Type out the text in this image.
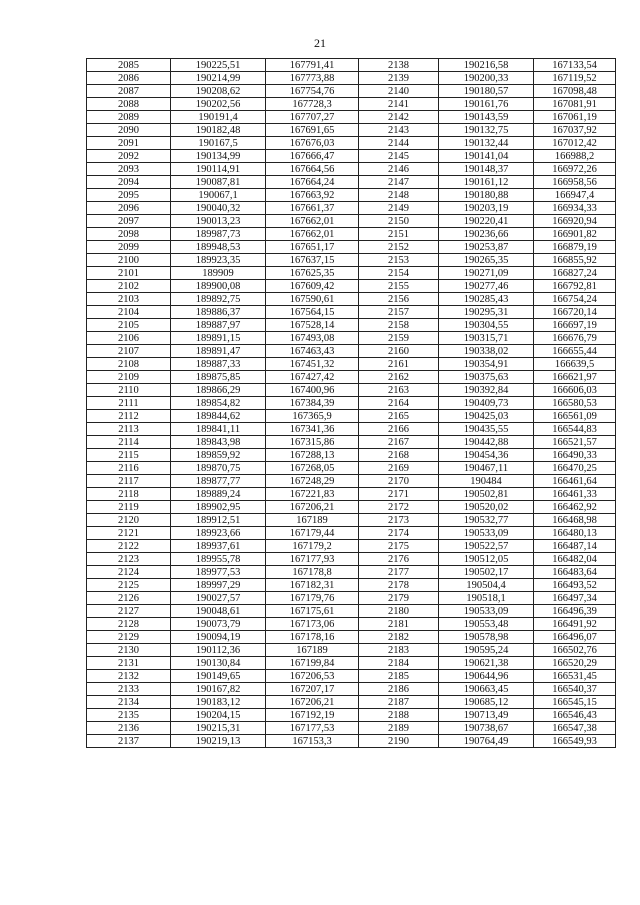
21
2085	190225,51	167791,41	2138	190216,58	167133,54
2086	190214,99	167773,88	2139	190200,33	167119,52
2087	190208,62	167754,76	2140	190180,57	167098,48
2088	190202,56	167728,3	2141	190161,76	167081,91
2089	190191,4	167707,27	2142	190143,59	167061,19
2090	190182,48	167691,65	2143	190132,75	167037,92
2091	190167,5	167676,03	2144	190132,44	167012,42
2092	190134,99	167666,47	2145	190141,04	166988,2
2093	190114,91	167664,56	2146	190148,37	166972,26
2094	190087,81	167664,24	2147	190161,12	166958,56
2095	190067,1	167663,92	2148	190180,88	166947,4
2096	190040,32	167661,37	2149	190203,19	166934,33
2097	190013,23	167662,01	2150	190220,41	166920,94
2098	189987,73	167662,01	2151	190236,66	166901,82
2099	189948,53	167651,17	2152	190253,87	166879,19
2100	189923,35	167637,15	2153	190265,35	166855,92
2101	189909	167625,35	2154	190271,09	166827,24
2102	189900,08	167609,42	2155	190277,46	166792,81
2103	189892,75	167590,61	2156	190285,43	166754,24
2104	189886,37	167564,15	2157	190295,31	166720,14
2105	189887,97	167528,14	2158	190304,55	166697,19
2106	189891,15	167493,08	2159	190315,71	166676,79
2107	189891,47	167463,43	2160	190338,02	166655,44
2108	189887,33	167451,32	2161	190354,91	166639,5
2109	189875,85	167427,42	2162	190375,63	166621,97
2110	189866,29	167400,96	2163	190392,84	166606,03
2111	189854,82	167384,39	2164	190409,73	166580,53
2112	189844,62	167365,9	2165	190425,03	166561,09
2113	189841,11	167341,36	2166	190435,55	166544,83
2114	189843,98	167315,86	2167	190442,88	166521,57
2115	189859,92	167288,13	2168	190454,36	166490,33
2116	189870,75	167268,05	2169	190467,11	166470,25
2117	189877,77	167248,29	2170	190484	166461,64
2118	189889,24	167221,83	2171	190502,81	166461,33
2119	189902,95	167206,21	2172	190520,02	166462,92
2120	189912,51	167189	2173	190532,77	166468,98
2121	189923,66	167179,44	2174	190533,09	166480,13
2122	189937,61	167179,2	2175	190522,57	166487,14
2123	189955,78	167177,93	2176	190512,05	166482,04
2124	189977,53	167178,8	2177	190502,17	166483,64
2125	189997,29	167182,31	2178	190504,4	166493,52
2126	190027,57	167179,76	2179	190518,1	166497,34
2127	190048,61	167175,61	2180	190533,09	166496,39
2128	190073,79	167173,06	2181	190553,48	166491,92
2129	190094,19	167178,16	2182	190578,98	166496,07
2130	190112,36	167189	2183	190595,24	166502,76
2131	190130,84	167199,84	2184	190621,38	166520,29
2132	190149,65	167206,53	2185	190644,96	166531,45
2133	190167,82	167207,17	2186	190663,45	166540,37
2134	190183,12	167206,21	2187	190685,12	166545,15
2135	190204,15	167192,19	2188	190713,49	166546,43
2136	190215,31	167177,53	2189	190738,67	166547,38
2137	190219,13	167153,3	2190	190764,49	166549,93
